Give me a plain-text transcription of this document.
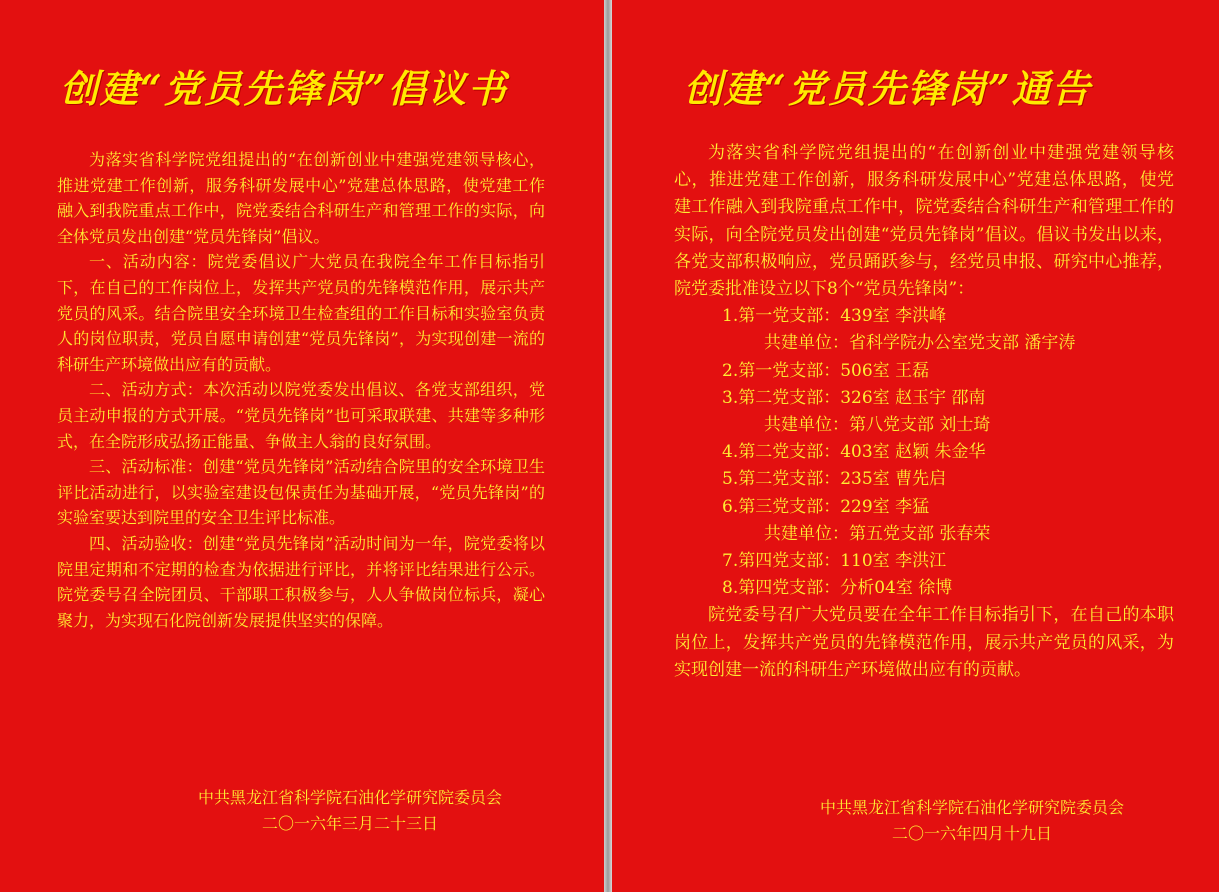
创建“党员先锋岗”倡议书

为落实省科学院党组提出的“在创新创业中建强党建领导核心，推进党建工作创新，服务科研发展中心”党建总体思路，使党建工作融入到我院重点工作中，院党委结合科研生产和管理工作的实际，向全体党员发出创建“党员先锋岗”倡议。

一、活动内容：院党委倡议广大党员在我院全年工作目标指引下，在自己的工作岗位上，发挥共产党员的先锋模范作用，展示共产党员的风采。结合院里安全环境卫生检查组的工作目标和实验室负责人的岗位职责，党员自愿申请创建“党员先锋岗”，为实现创建一流的科研生产环境做出应有的贡献。

二、活动方式：本次活动以院党委发出倡议、各党支部组织，党员主动申报的方式开展。“党员先锋岗”也可采取联建、共建等多种形式，在全院形成弘扬正能量、争做主人翁的良好氛围。

三、活动标准：创建“党员先锋岗”活动结合院里的安全环境卫生评比活动进行，以实验室建设包保责任为基础开展，“党员先锋岗”的实验室要达到院里的安全卫生评比标准。

四、活动验收：创建“党员先锋岗”活动时间为一年，院党委将以院里定期和不定期的检查为依据进行评比，并将评比结果进行公示。院党委号召全院团员、干部职工积极参与，人人争做岗位标兵，凝心聚力，为实现石化院创新发展提供坚实的保障。

中共黑龙江省科学院石油化学研究院委员会
二〇一六年三月二十三日
创建“党员先锋岗”通告

为落实省科学院党组提出的“在创新创业中建强党建领导核心，推进党建工作创新，服务科研发展中心”党建总体思路，使党建工作融入到我院重点工作中，院党委结合科研生产和管理工作的实际，向全院党员发出创建“党员先锋岗”倡议。倡议书发出以来，各党支部积极响应，党员踊跃参与，经党员申报、研究中心推荐，院党委批准设立以下8个“党员先锋岗”：

1.第一党支部：439室 李洪峰

共建单位：省科学院办公室党支部 潘宇涛

2.第一党支部：506室 王磊

3.第二党支部：326室 赵玉宇 邵南

共建单位：第八党支部 刘士琦

4.第二党支部：403室 赵颖 朱金华

5.第二党支部：235室 曹先启

6.第三党支部：229室 李猛

共建单位：第五党支部 张春荣

7.第四党支部：110室 李洪江

8.第四党支部：分析04室 徐博

院党委号召广大党员要在全年工作目标指引下，在自己的本职岗位上，发挥共产党员的先锋模范作用，展示共产党员的风采，为实现创建一流的科研生产环境做出应有的贡献。

中共黑龙江省科学院石油化学研究院委员会
二〇一六年四月十九日
